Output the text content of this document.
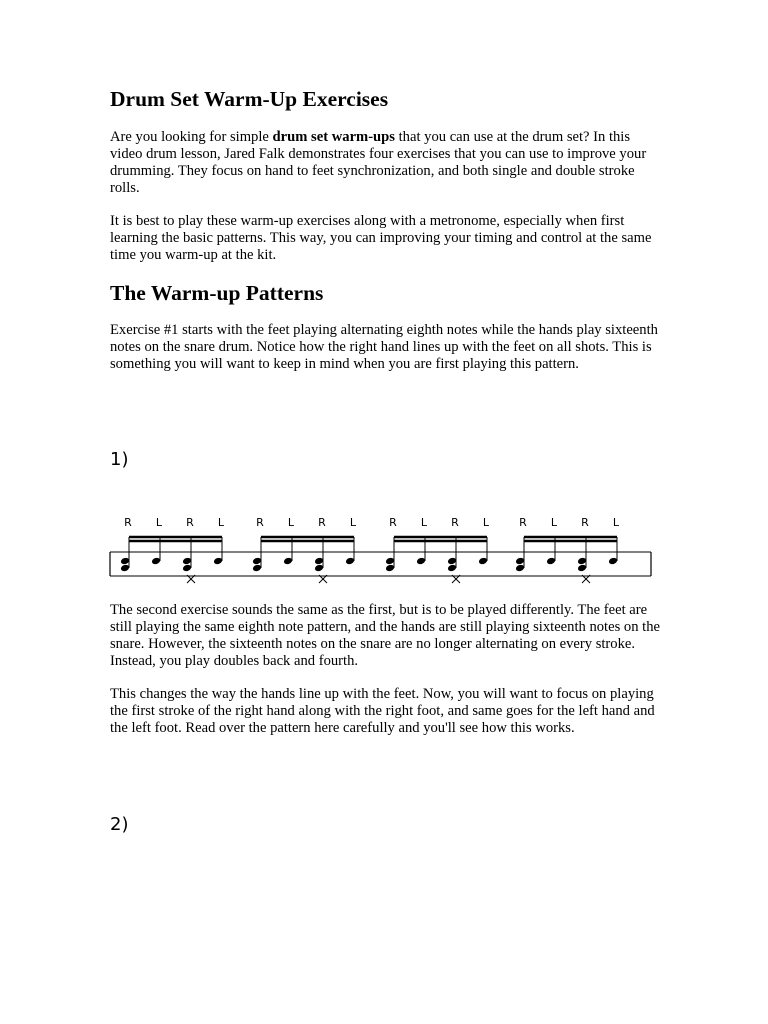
Drum Set Warm-Up Exercises

Are you looking for simple drum set warm-ups that you can use at the drum set? In this video drum lesson, Jared Falk demonstrates four exercises that you can use to improve your drumming. They focus on hand to feet synchronization, and both single and double stroke rolls.

It is best to play these warm-up exercises along with a metronome, especially when first learning the basic patterns. This way, you can improving your timing and control at the same time you warm-up at the kit.

The Warm-up Patterns

Exercise #1 starts with the feet playing alternating eighth notes while the hands play sixteenth notes on the snare drum. Notice how the right hand lines up with the feet on all shots. This is something you will want to keep in mind when you are first playing this pattern.

1)

The second exercise sounds the same as the first, but is to be played differently. The feet are still playing the same eighth note pattern, and the hands are still playing sixteenth notes on the snare. However, the sixteenth notes on the snare are no longer alternating on every stroke. Instead, you play doubles back and fourth.

This changes the way the hands line up with the feet. Now, you will want to focus on playing the first stroke of the right hand along with the right foot, and same goes for the left hand and the left foot. Read over the pattern here carefully and you'll see how this works.

2)
R L R L	R L R L	R L R L	R L R L
